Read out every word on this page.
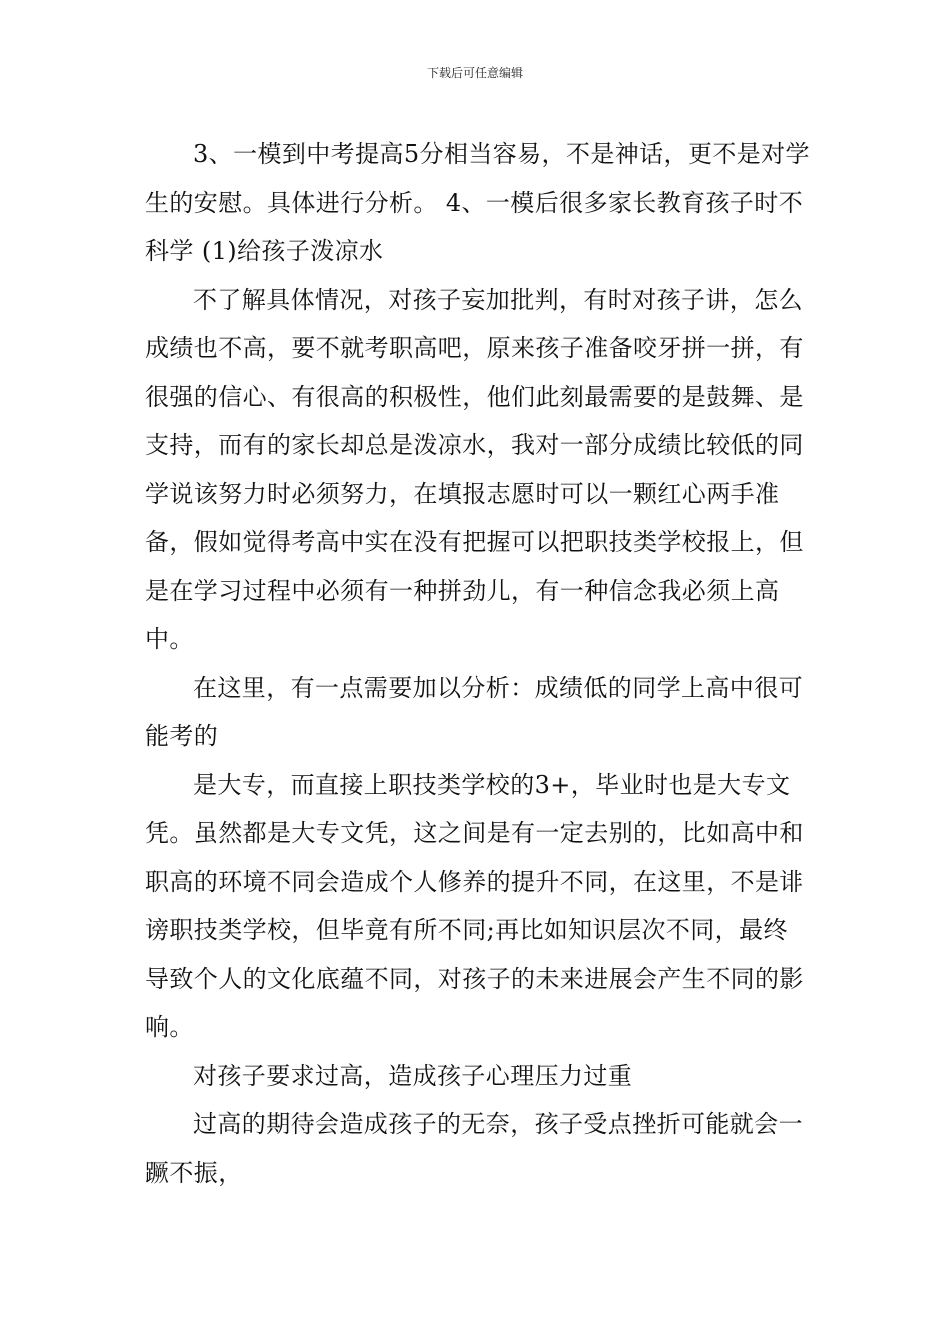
下载后可任意编辑

3、一模到中考提高5分相当容易，不是神话，更不是对学生的安慰。具体进行分析。 4、一模后很多家长教育孩子时不科学 (1)给孩子泼凉水

不了解具体情况，对孩子妄加批判，有时对孩子讲，怎么成绩也不高，要不就考职高吧，原来孩子准备咬牙拼一拼，有很强的信心、有很高的积极性，他们此刻最需要的是鼓舞、是支持，而有的家长却总是泼凉水，我对一部分成绩比较低的同学说该努力时必须努力，在填报志愿时可以一颗红心两手准备，假如觉得考高中实在没有把握可以把职技类学校报上，但是在学习过程中必须有一种拼劲儿，有一种信念我必须上高中。

在这里，有一点需要加以分析：成绩低的同学上高中很可能考的

是大专，而直接上职技类学校的3+，毕业时也是大专文凭。虽然都是大专文凭，这之间是有一定去别的，比如高中和职高的环境不同会造成个人修养的提升不同，在这里，不是诽谤职技类学校，但毕竟有所不同;再比如知识层次不同，最终导致个人的文化底蕴不同，对孩子的未来进展会产生不同的影响。

对孩子要求过高，造成孩子心理压力过重

过高的期待会造成孩子的无奈，孩子受点挫折可能就会一蹶不振，
